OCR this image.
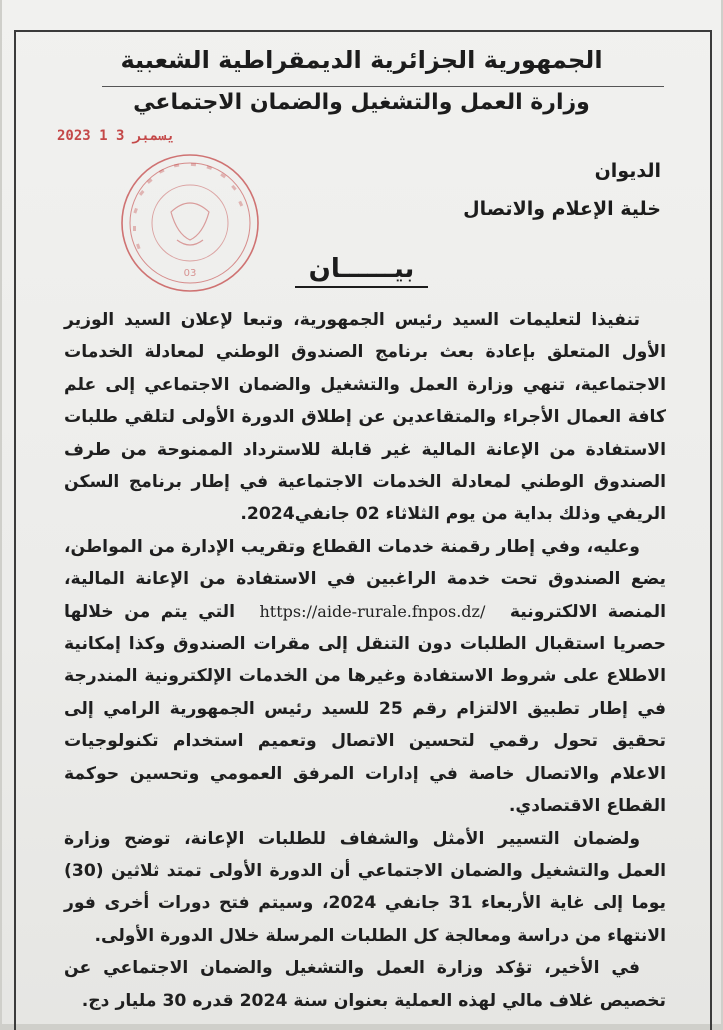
الجمهورية الجزائرية الديمقراطية الشعبية
وزارة العمل والتشغيل والضمان الاجتماعي
2023 يسمبر 3 1
03
الديوان
خلية الإعلام والاتصال
بيــــــان

تنفيذا لتعليمات السيد رئيس الجمهورية، وتبعا لإعلان السيد الوزير الأول المتعلق بإعادة بعث برنامج الصندوق الوطني لمعادلة الخدمات الاجتماعية، تنهي وزارة العمل والتشغيل والضمان الاجتماعي إلى علم كافة العمال الأجراء والمتقاعدين عن إطلاق الدورة الأولى لتلقي طلبات الاستفادة من الإعانة المالية غير قابلة للاسترداد الممنوحة من طرف الصندوق الوطني لمعادلة الخدمات الاجتماعية في إطار برنامج السكن الريفي وذلك بداية من يوم الثلاثاء 02 جانفي2024.

وعليه، وفي إطار رقمنة خدمات القطاع وتقريب الإدارة من المواطن، يضع الصندوق تحت خدمة الراغبين في الاستفادة من الإعانة المالية، المنصة الالكترونية https://aide-rurale.fnpos.dz/ التي يتم من خلالها حصريا استقبال الطلبات دون التنقل إلى مقرات الصندوق وكذا إمكانية الاطلاع على شروط الاستفادة وغيرها من الخدمات الإلكترونية المندرجة في إطار تطبيق الالتزام رقم 25 للسيد رئيس الجمهورية الرامي إلى تحقيق تحول رقمي لتحسين الاتصال وتعميم استخدام تكنولوجيات الاعلام والاتصال خاصة في إدارات المرفق العمومي وتحسين حوكمة القطاع الاقتصادي.

ولضمان التسيير الأمثل والشفاف للطلبات الإعانة، توضح وزارة العمل والتشغيل والضمان الاجتماعي أن الدورة الأولى تمتد ثلاثين (30) يوما إلى غاية الأربعاء 31 جانفي 2024، وسيتم فتح دورات أخرى فور الانتهاء من دراسة ومعالجة كل الطلبات المرسلة خلال الدورة الأولى.

في الأخير، تؤكد وزارة العمل والتشغيل والضمان الاجتماعي عن تخصيص غلاف مالي لهذه العملية بعنوان سنة 2024 قدره 30 مليار دج.
